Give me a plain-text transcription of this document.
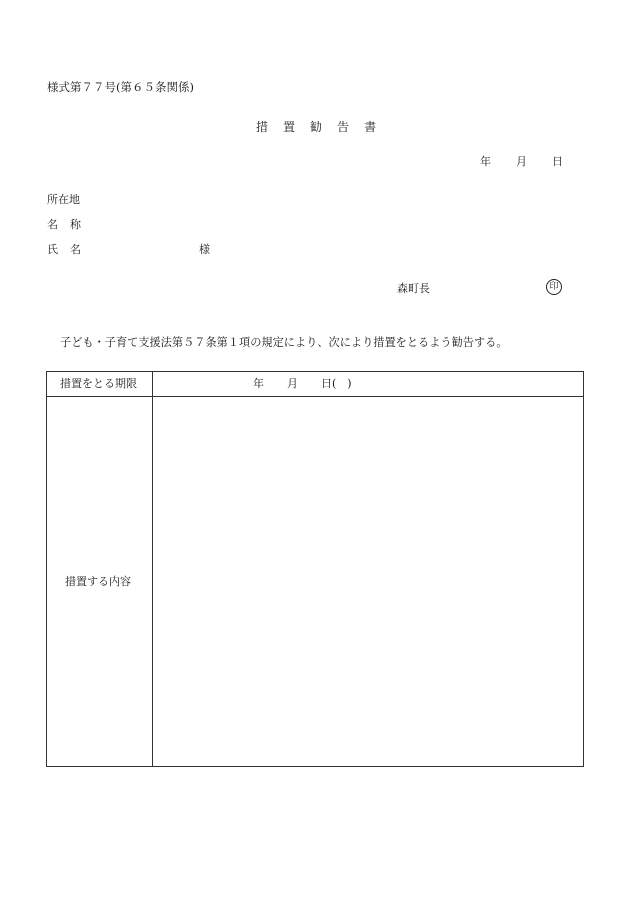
様式第７７号(第６５条関係)
措 置 勧 告 書
年 月 日
所在地
名称
氏名	様
森町長	印
子ども・子育て支援法第５７条第１項の規定により、次により措置をとるよう勧告する。
措置をとる期限	年 月 日(　)
措置する内容
